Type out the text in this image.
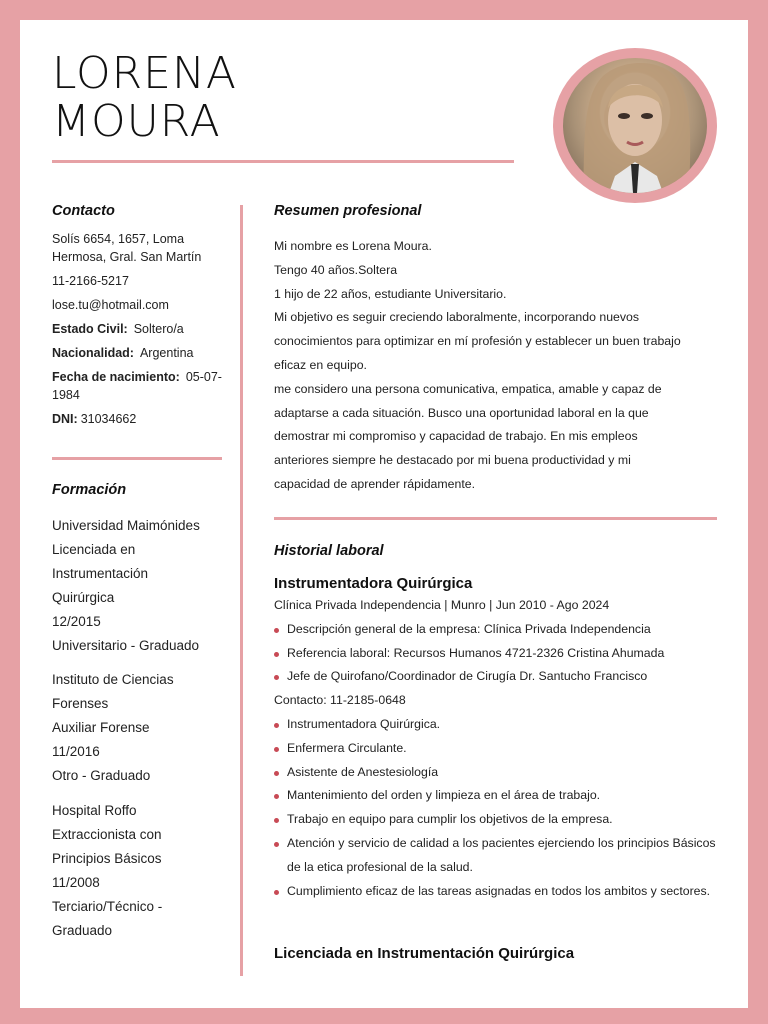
LORENA
MOURA
Contacto
Solís 6654, 1657, Loma Hermosa, Gral. San Martín
11-2166-5217
lose.tu@hotmail.com
Estado Civil: Soltero/a
Nacionalidad: Argentina
Fecha de nacimiento: 05-07-1984
DNI: 31034662
Formación
Universidad Maimónides
Licenciada en
Instrumentación
Quirúrgica
12/2015
Universitario - Graduado
Instituto de Ciencias
Forenses
Auxiliar Forense
11/2016
Otro - Graduado
Hospital Roffo
Extraccionista con
Principios Básicos
11/2008
Terciario/Técnico -
Graduado
Resumen profesional
Mi nombre es Lorena Moura.
Tengo 40 años.Soltera
1 hijo de 22 años, estudiante Universitario.
Mi objetivo es seguir creciendo laboralmente, incorporando nuevos
conocimientos para optimizar en mí profesión y establecer un buen trabajo
eficaz en equipo.
me considero una persona comunicativa, empatica, amable y capaz de
adaptarse a cada situación. Busco una oportunidad laboral en la que
demostrar mi compromiso y capacidad de trabajo. En mis empleos
anteriores siempre he destacado por mi buena productividad y mi
capacidad de aprender rápidamente.
Historial laboral
Instrumentadora Quirúrgica
Clínica Privada Independencia | Munro | Jun 2010 - Ago 2024
Descripción general de la empresa: Clínica Privada Independencia
Referencia laboral: Recursos Humanos 4721-2326 Cristina Ahumada
Jefe de Quirofano/Coordinador de Cirugía Dr. Santucho Francisco
Contacto: 11-2185-0648
Instrumentadora Quirúrgica.
Enfermera Circulante.
Asistente de Anestesiología
Mantenimiento del orden y limpieza en el área de trabajo.
Trabajo en equipo para cumplir los objetivos de la empresa.
Atención y servicio de calidad a los pacientes ejerciendo los principios Básicos de la etica profesional de la salud.
Cumplimiento eficaz de las tareas asignadas en todos los ambitos y sectores.
Licenciada en Instrumentación Quirúrgica
